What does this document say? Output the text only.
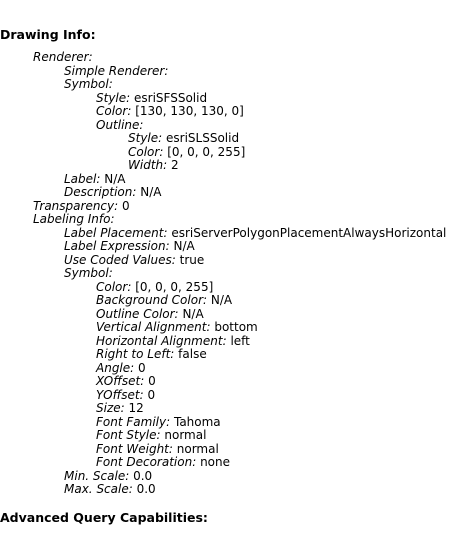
Drawing Info:
Renderer:
Simple Renderer:
Symbol:
Style: esriSFSSolid
Color: [130, 130, 130, 0]
Outline:
Style: esriSLSSolid
Color: [0, 0, 0, 255]
Width: 2
Label: N/A
Description: N/A
Transparency: 0
Labeling Info:
Label Placement: esriServerPolygonPlacementAlwaysHorizontal
Label Expression: N/A
Use Coded Values: true
Symbol:
Color: [0, 0, 0, 255]
Background Color: N/A
Outline Color: N/A
Vertical Alignment: bottom
Horizontal Alignment: left
Right to Left: false
Angle: 0
XOffset: 0
YOffset: 0
Size: 12
Font Family: Tahoma
Font Style: normal
Font Weight: normal
Font Decoration: none
Min. Scale: 0.0
Max. Scale: 0.0
Advanced Query Capabilities:
